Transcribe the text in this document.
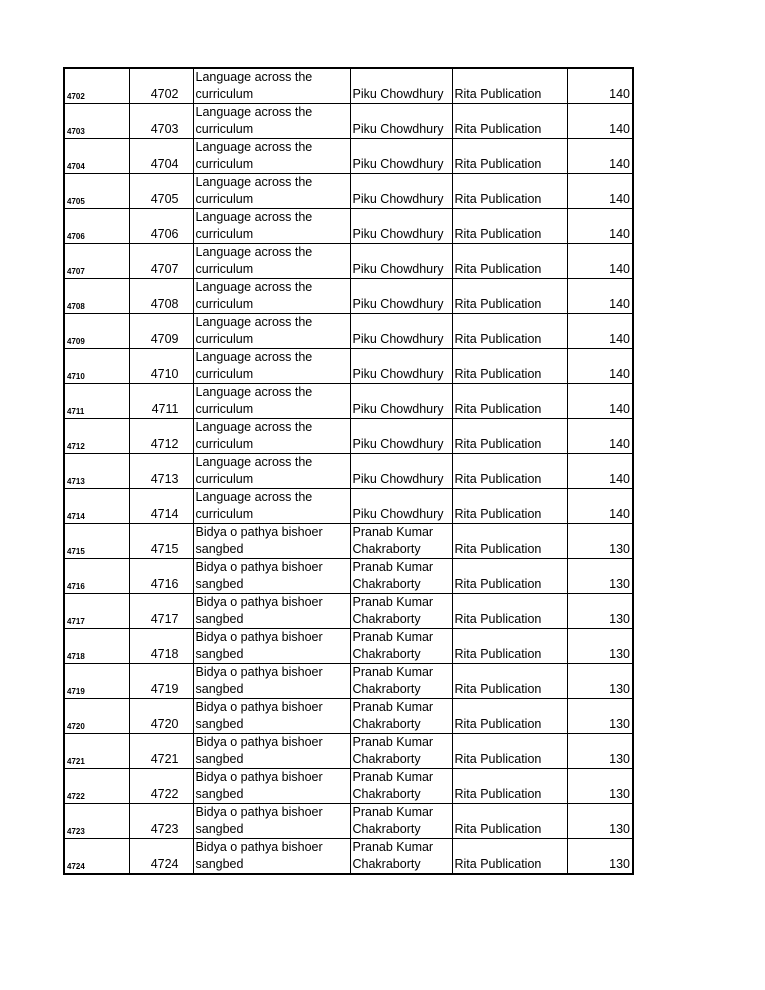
4702	4702	Language across the
curriculum	Piku Chowdhury	Rita Publication	140
4703	4703	Language across the
curriculum	Piku Chowdhury	Rita Publication	140
4704	4704	Language across the
curriculum	Piku Chowdhury	Rita Publication	140
4705	4705	Language across the
curriculum	Piku Chowdhury	Rita Publication	140
4706	4706	Language across the
curriculum	Piku Chowdhury	Rita Publication	140
4707	4707	Language across the
curriculum	Piku Chowdhury	Rita Publication	140
4708	4708	Language across the
curriculum	Piku Chowdhury	Rita Publication	140
4709	4709	Language across the
curriculum	Piku Chowdhury	Rita Publication	140
4710	4710	Language across the
curriculum	Piku Chowdhury	Rita Publication	140
4711	4711	Language across the
curriculum	Piku Chowdhury	Rita Publication	140
4712	4712	Language across the
curriculum	Piku Chowdhury	Rita Publication	140
4713	4713	Language across the
curriculum	Piku Chowdhury	Rita Publication	140
4714	4714	Language across the
curriculum	Piku Chowdhury	Rita Publication	140
4715	4715	Bidya o pathya bishoer
sangbed	Pranab Kumar
Chakraborty	Rita Publication	130
4716	4716	Bidya o pathya bishoer
sangbed	Pranab Kumar
Chakraborty	Rita Publication	130
4717	4717	Bidya o pathya bishoer
sangbed	Pranab Kumar
Chakraborty	Rita Publication	130
4718	4718	Bidya o pathya bishoer
sangbed	Pranab Kumar
Chakraborty	Rita Publication	130
4719	4719	Bidya o pathya bishoer
sangbed	Pranab Kumar
Chakraborty	Rita Publication	130
4720	4720	Bidya o pathya bishoer
sangbed	Pranab Kumar
Chakraborty	Rita Publication	130
4721	4721	Bidya o pathya bishoer
sangbed	Pranab Kumar
Chakraborty	Rita Publication	130
4722	4722	Bidya o pathya bishoer
sangbed	Pranab Kumar
Chakraborty	Rita Publication	130
4723	4723	Bidya o pathya bishoer
sangbed	Pranab Kumar
Chakraborty	Rita Publication	130
4724	4724	Bidya o pathya bishoer
sangbed	Pranab Kumar
Chakraborty	Rita Publication	130
